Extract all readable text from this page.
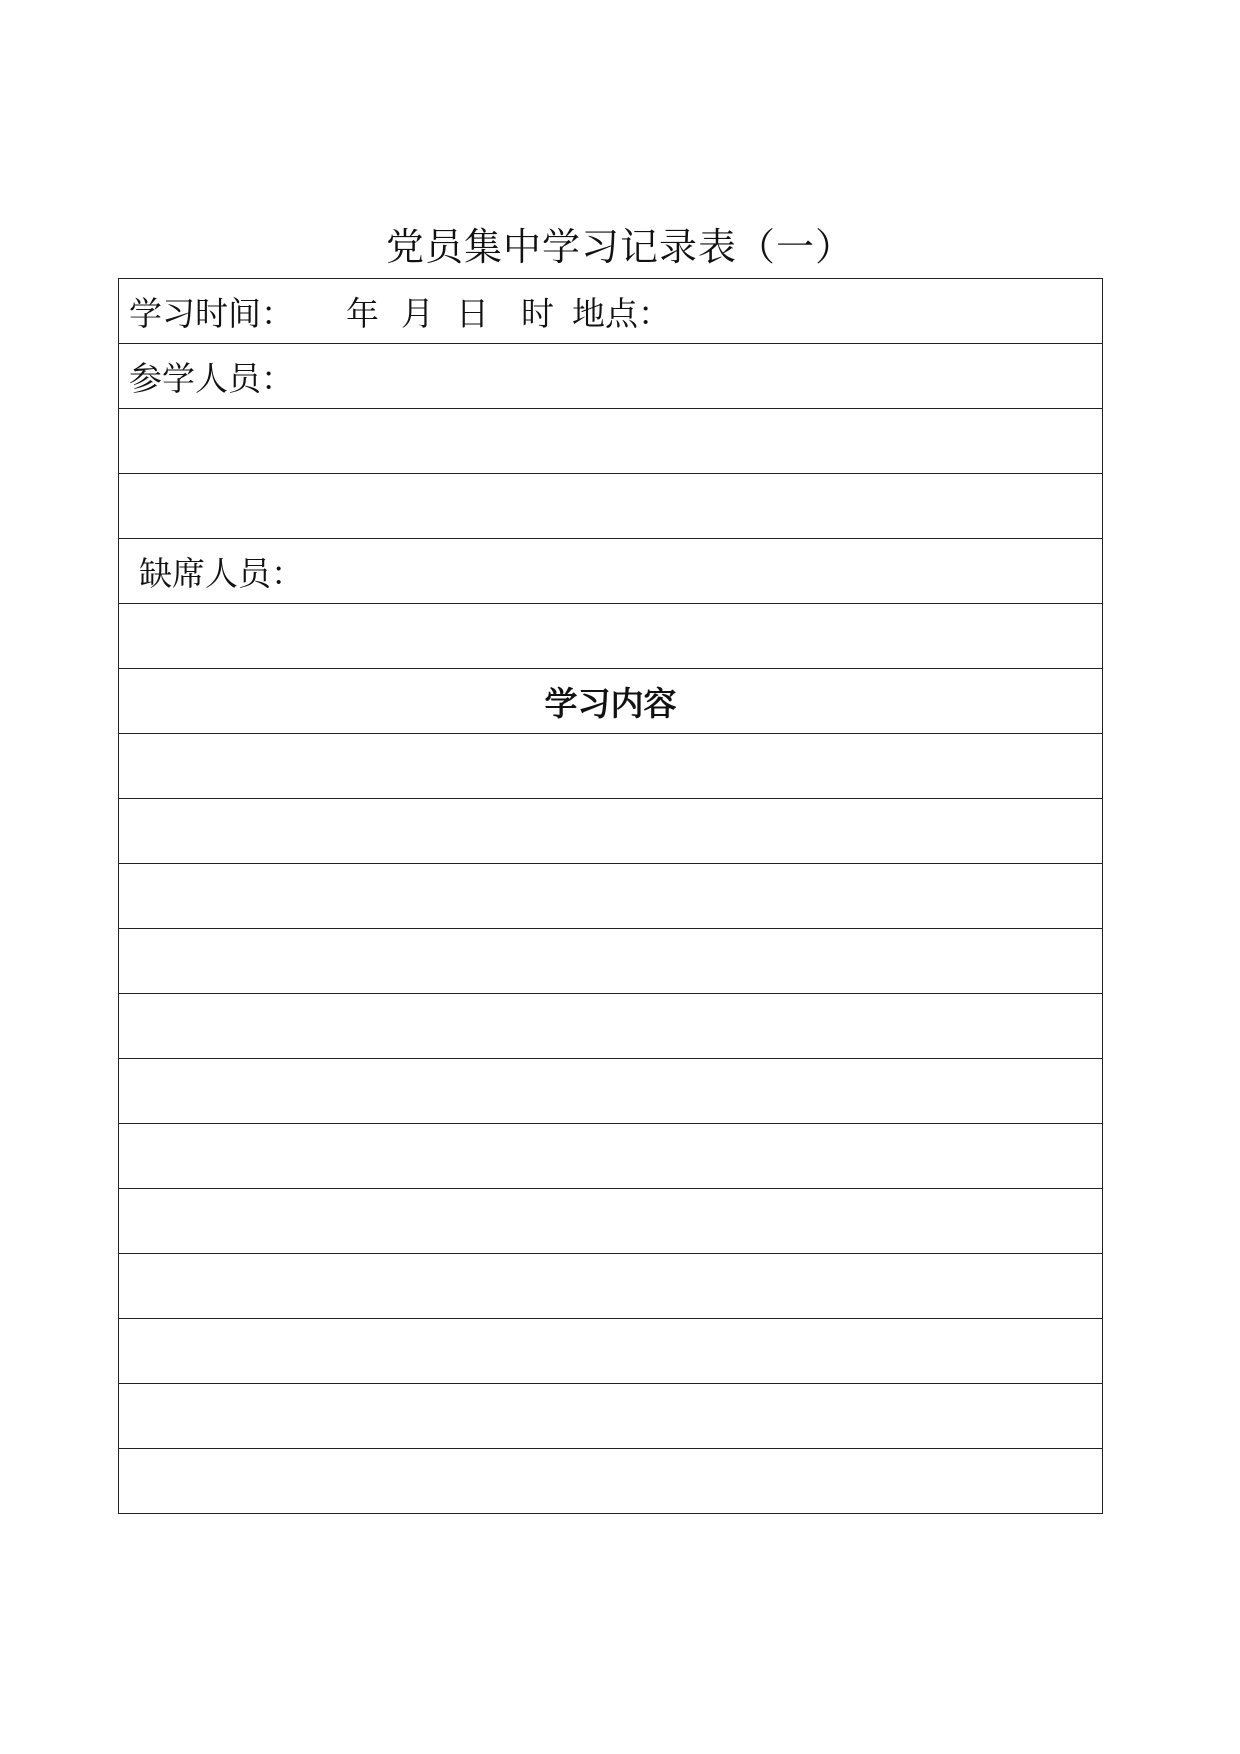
党员集中学习记录表（一）
学习时间： 年 月 日 时 地点：
参学人员：

缺席人员：

学习内容
